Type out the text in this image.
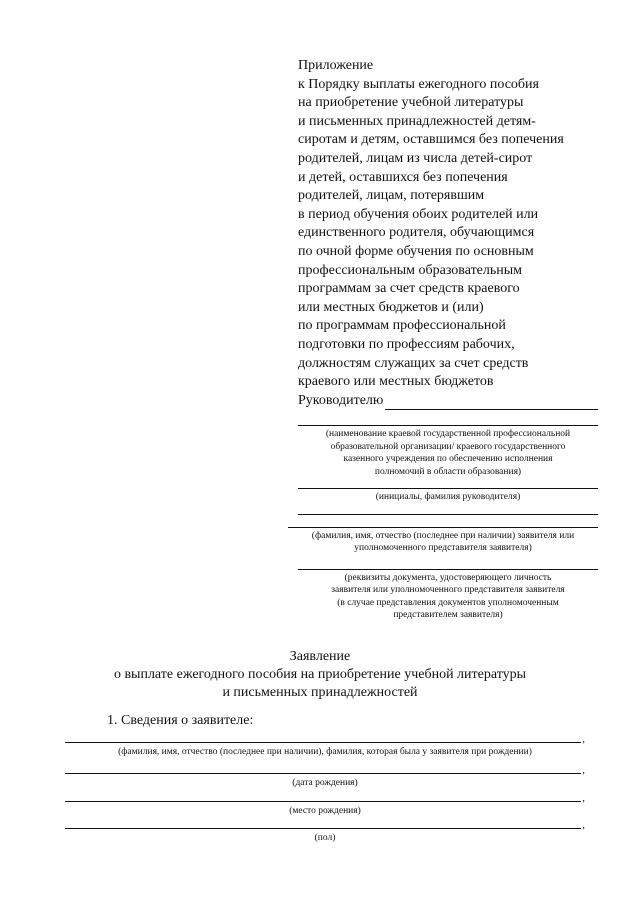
Приложение
к Порядку выплаты ежегодного пособия
на приобретение учебной литературы
и письменных принадлежностей детям-
сиротам и детям, оставшимся без попечения
родителей, лицам из числа детей-сирот
и детей, оставшихся без попечения
родителей, лицам, потерявшим
в период обучения обоих родителей или
единственного родителя, обучающимся
по очной форме обучения по основным
профессиональным образовательным
программам за счет средств краевого
или местных бюджетов и (или)
по программам профессиональной
подготовки по профессиям рабочих,
должностям служащих за счет средств
краевого или местных бюджетов
Руководителю
(наименование краевой государственной профессиональной
образовательной организации/ краевого государственного
казенного учреждения по обеспечению исполнения
полномочий в области образования)
(инициалы, фамилия руководителя)
(фамилия, имя, отчество (последнее при наличии) заявителя или
уполномоченного представителя заявителя)
(реквизиты документа, удостоверяющего личность
заявителя или уполномоченного представителя заявителя
(в случае представления документов уполномоченным
представителем заявителя)
Заявление
о выплате ежегодного пособия на приобретение учебной литературы
и письменных принадлежностей
1. Сведения о заявителе:
,
(фамилия, имя, отчество (последнее при наличии), фамилия, которая была у заявителя при рождении)
,
(дата рождения)
,
(место рождения)
,
(пол)
